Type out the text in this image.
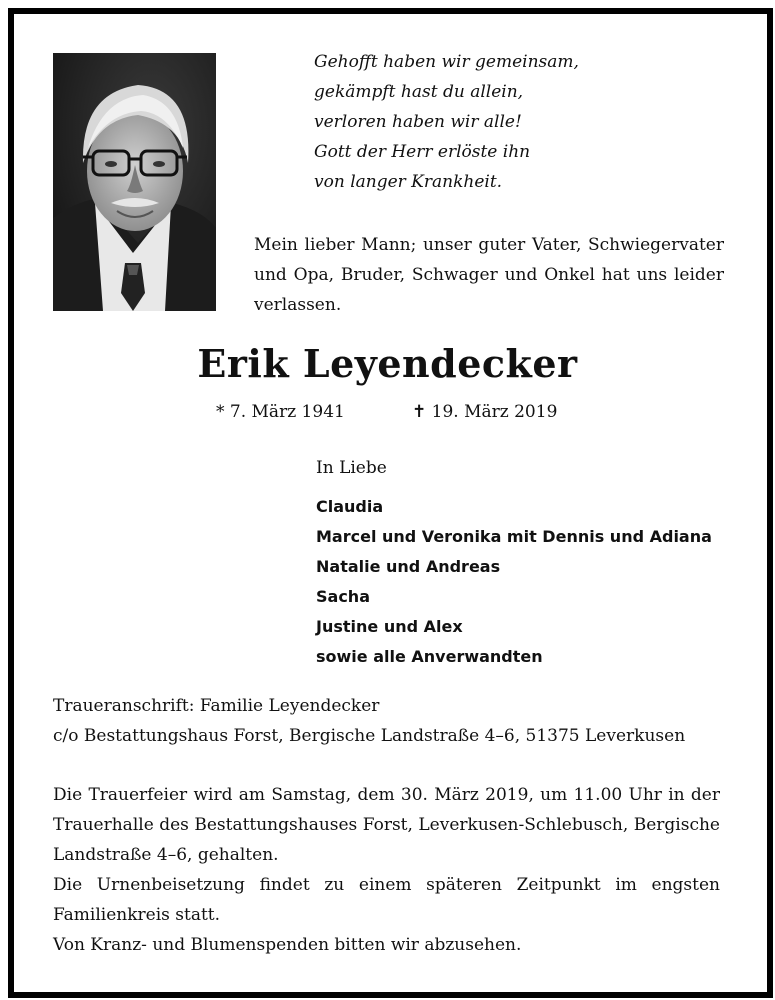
Gehofft haben wir gemeinsam,
gekämpft hast du allein,
verloren haben wir alle!
Gott der Herr erlöste ihn
von langer Krankheit.
Mein lieber Mann; unser guter Vater, Schwiegervater und Opa, Bruder, Schwager und Onkel hat uns leider verlassen.
Erik Leyendecker
* 7. März 1941	✝ 19. März 2019
In Liebe
Claudia
Marcel und Veronika mit Dennis und Adiana
Natalie und Andreas
Sacha
Justine und Alex
sowie alle Anverwandten
Traueranschrift: Familie Leyendecker
c/o Bestattungshaus Forst, Bergische Landstraße 4–6, 51375 Leverkusen

Die Trauerfeier wird am Samstag, dem 30. März 2019, um 11.00 Uhr in der Trauerhalle des Bestattungshauses Forst, Leverkusen-Schlebusch, Bergische Landstraße 4–6, gehalten.

Die Urnenbeisetzung findet zu einem späteren Zeitpunkt im engsten Familienkreis statt.

Von Kranz- und Blumenspenden bitten wir abzusehen.
